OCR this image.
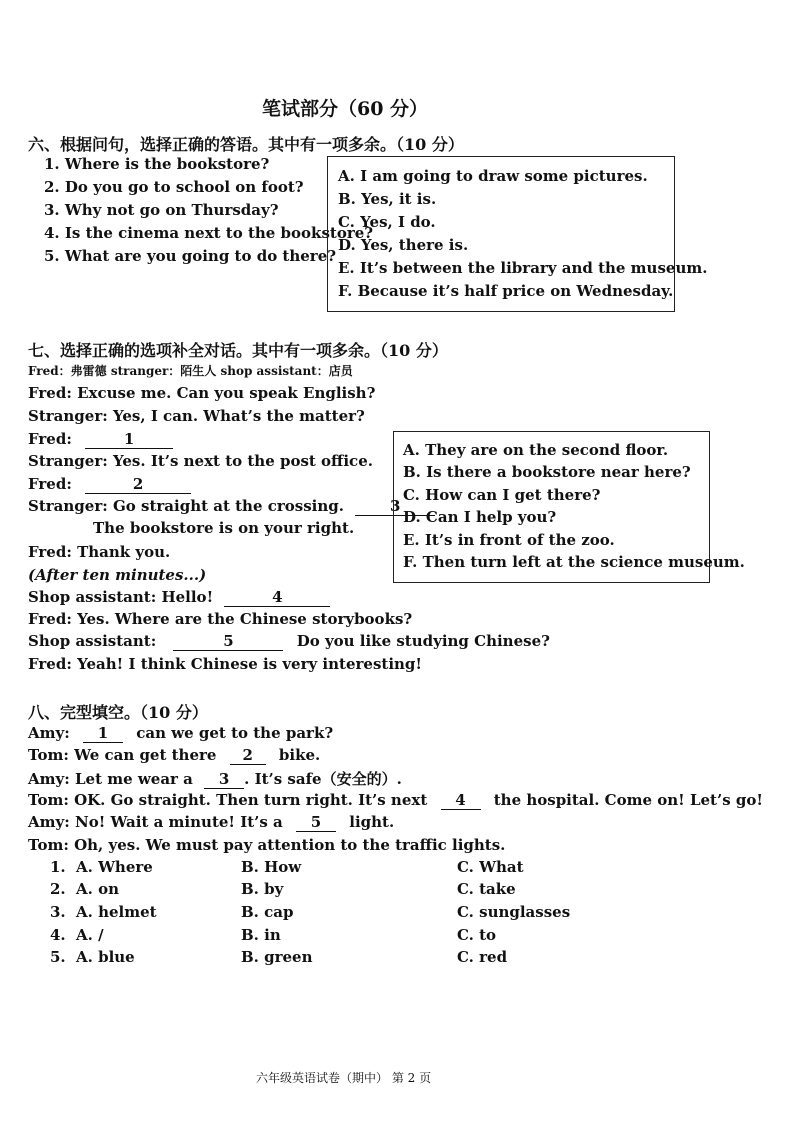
笔试部分（60 分）
六、根据问句，选择正确的答语。其中有一项多余。（10 分）
1. Where is the bookstore?
2. Do you go to school on foot?
3. Why not go on Thursday?
4. Is the cinema next to the bookstore?
5. What are you going to do there?
A. I am going to draw some pictures.
B. Yes, it is.
C. Yes, I do.
D. Yes, there is.
E. It’s between the library and the museum.
F. Because it’s half price on Wednesday.
七、选择正确的选项补全对话。其中有一项多余。（10 分）
Fred：弗雷德 stranger：陌生人 shop assistant：店员
Fred: Excuse me. Can you speak English?
Stranger: Yes, I can. What’s the matter?
Fred:	1
Stranger: Yes. It’s next to the post office.
Fred:	2
Stranger: Go straight at the crossing.	3
The bookstore is on your right.
Fred: Thank you.
(After ten minutes...)
Shop assistant: Hello!	4
Fred: Yes. Where are the Chinese storybooks?
Shop assistant:	5	Do you like studying Chinese?
Fred: Yeah! I think Chinese is very interesting!
A. They are on the second floor.
B. Is there a bookstore near here?
C. How can I get there?
D. Can I help you?
E. It’s in front of the zoo.
F. Then turn left at the science museum.
八、完型填空。（10 分）
Amy: 1 can we get to the park?
Tom: We can get there 2 bike.
Amy: Let me wear a 3 . It’s safe（安全的）.
Tom: OK. Go straight. Then turn right. It’s next 4 the hospital. Come on! Let’s go!
Amy: No! Wait a minute! It’s a 5 light.
Tom: Oh, yes. We must pay attention to the traffic lights.
1. A. Where	B. How	C. What
2. A. on	B. by	C. take
3. A. helmet	B. cap	C. sunglasses
4. A. /	B. in	C. to
5. A. blue	B. green	C. red
六年级英语试卷（期中） 第 2 页
